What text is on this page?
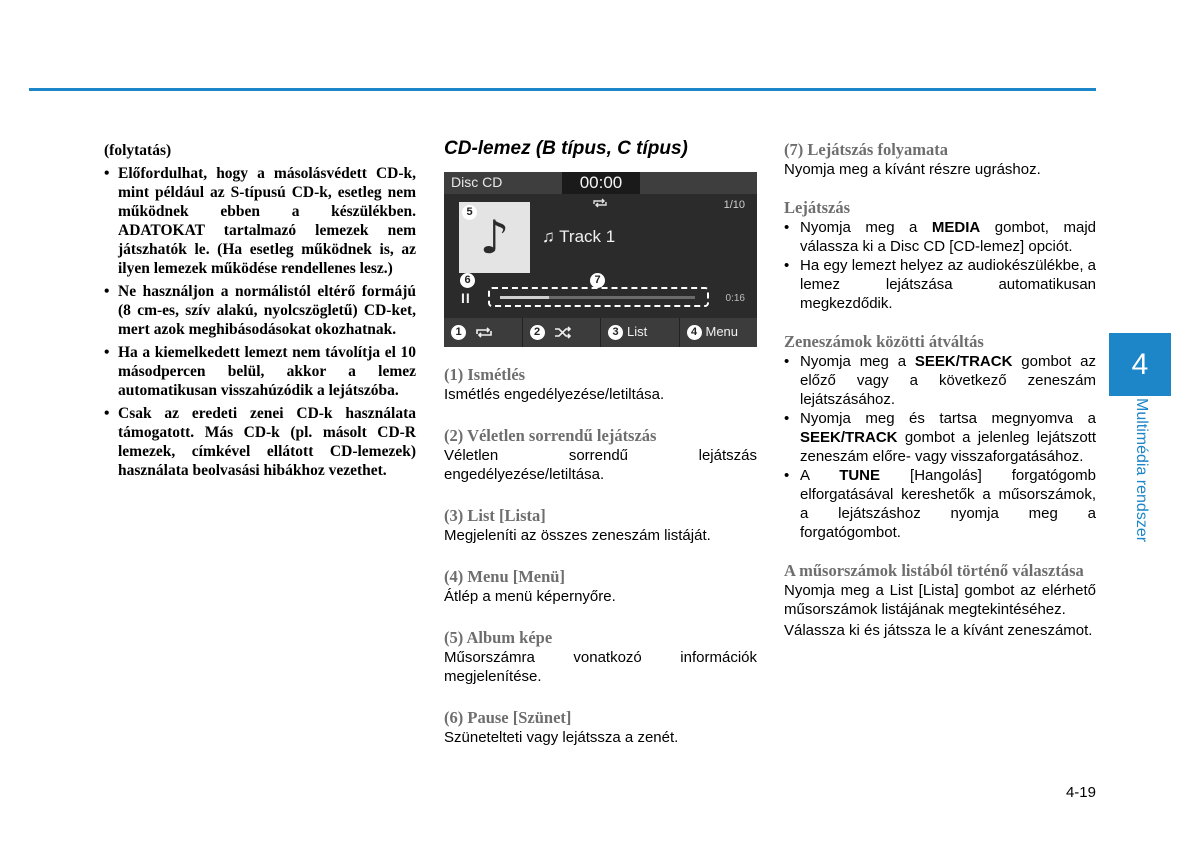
(folytatás)
• Előfordulhat, hogy a másolásvédett CD-k, mint például az S-típusú CD-k, esetleg nem működnek ebben a készülékben. ADATOKAT tartalmazó lemezek nem játszhatók le. (Ha esetleg működnek is, az ilyen lemezek működése rendellenes lesz.)
• Ne használjon a normálistól eltérő formájú (8 cm-es, szív alakú, nyolcszögletű) CD-ket, mert azok meghibásodásokat okozhatnak.
• Ha a kiemelkedett lemezt nem távolítja el 10 másodpercen belül, akkor a lemez automatikusan visszahúzódik a lejátszóba.
• Csak az eredeti zenei CD-k használata támogatott. Más CD-k (pl. másolt CD-R lemezek, címkével ellátott CD-lemezek) használata beolvasási hibákhoz vezethet.
CD-lemez (B típus, C típus)
Disc CD	00:00
1/10
♪
5
♫ Track 1
6	7
II	0:16
1	2	3 List	4 Menu
(1) Ismétlés
Ismétlés engedélyezése/letiltása.
(2) Véletlen sorrendű lejátszás
Véletlen sorrendű lejátszás engedélyezése/letiltása.
(3) List [Lista]
Megjeleníti az összes zeneszám listáját.
(4) Menu [Menü]
Átlép a menü képernyőre.
(5) Album képe
Műsorszámra vonatkozó információk megjelenítése.
(6) Pause [Szünet]
Szünetelteti vagy lejátssza a zenét.
(7) Lejátszás folyamata
Nyomja meg a kívánt részre ugráshoz.
Lejátszás
• Nyomja meg a MEDIA gombot, majd válassza ki a Disc CD [CD-lemez] opciót.
• Ha egy lemezt helyez az audiokészülékbe, a lemez lejátszása automatikusan megkezdődik.
Zeneszámok közötti átváltás
• Nyomja meg a SEEK/TRACK gombot az előző vagy a következő zeneszám lejátszásához.
• Nyomja meg és tartsa megnyomva a SEEK/TRACK gombot a jelenleg lejátszott zeneszám előre- vagy visszaforgatásához.
• A TUNE [Hangolás] forgatógomb elforgatásával kereshetők a műsorszámok, a lejátszáshoz nyomja meg a forgatógombot.
A műsorszámok listából történő választása
Nyomja meg a List [Lista] gombot az elérhető műsorszámok listájának megtekintéséhez.
Válassza ki és játssza le a kívánt zeneszámot.
4
Multimédia rendszer
4-19
